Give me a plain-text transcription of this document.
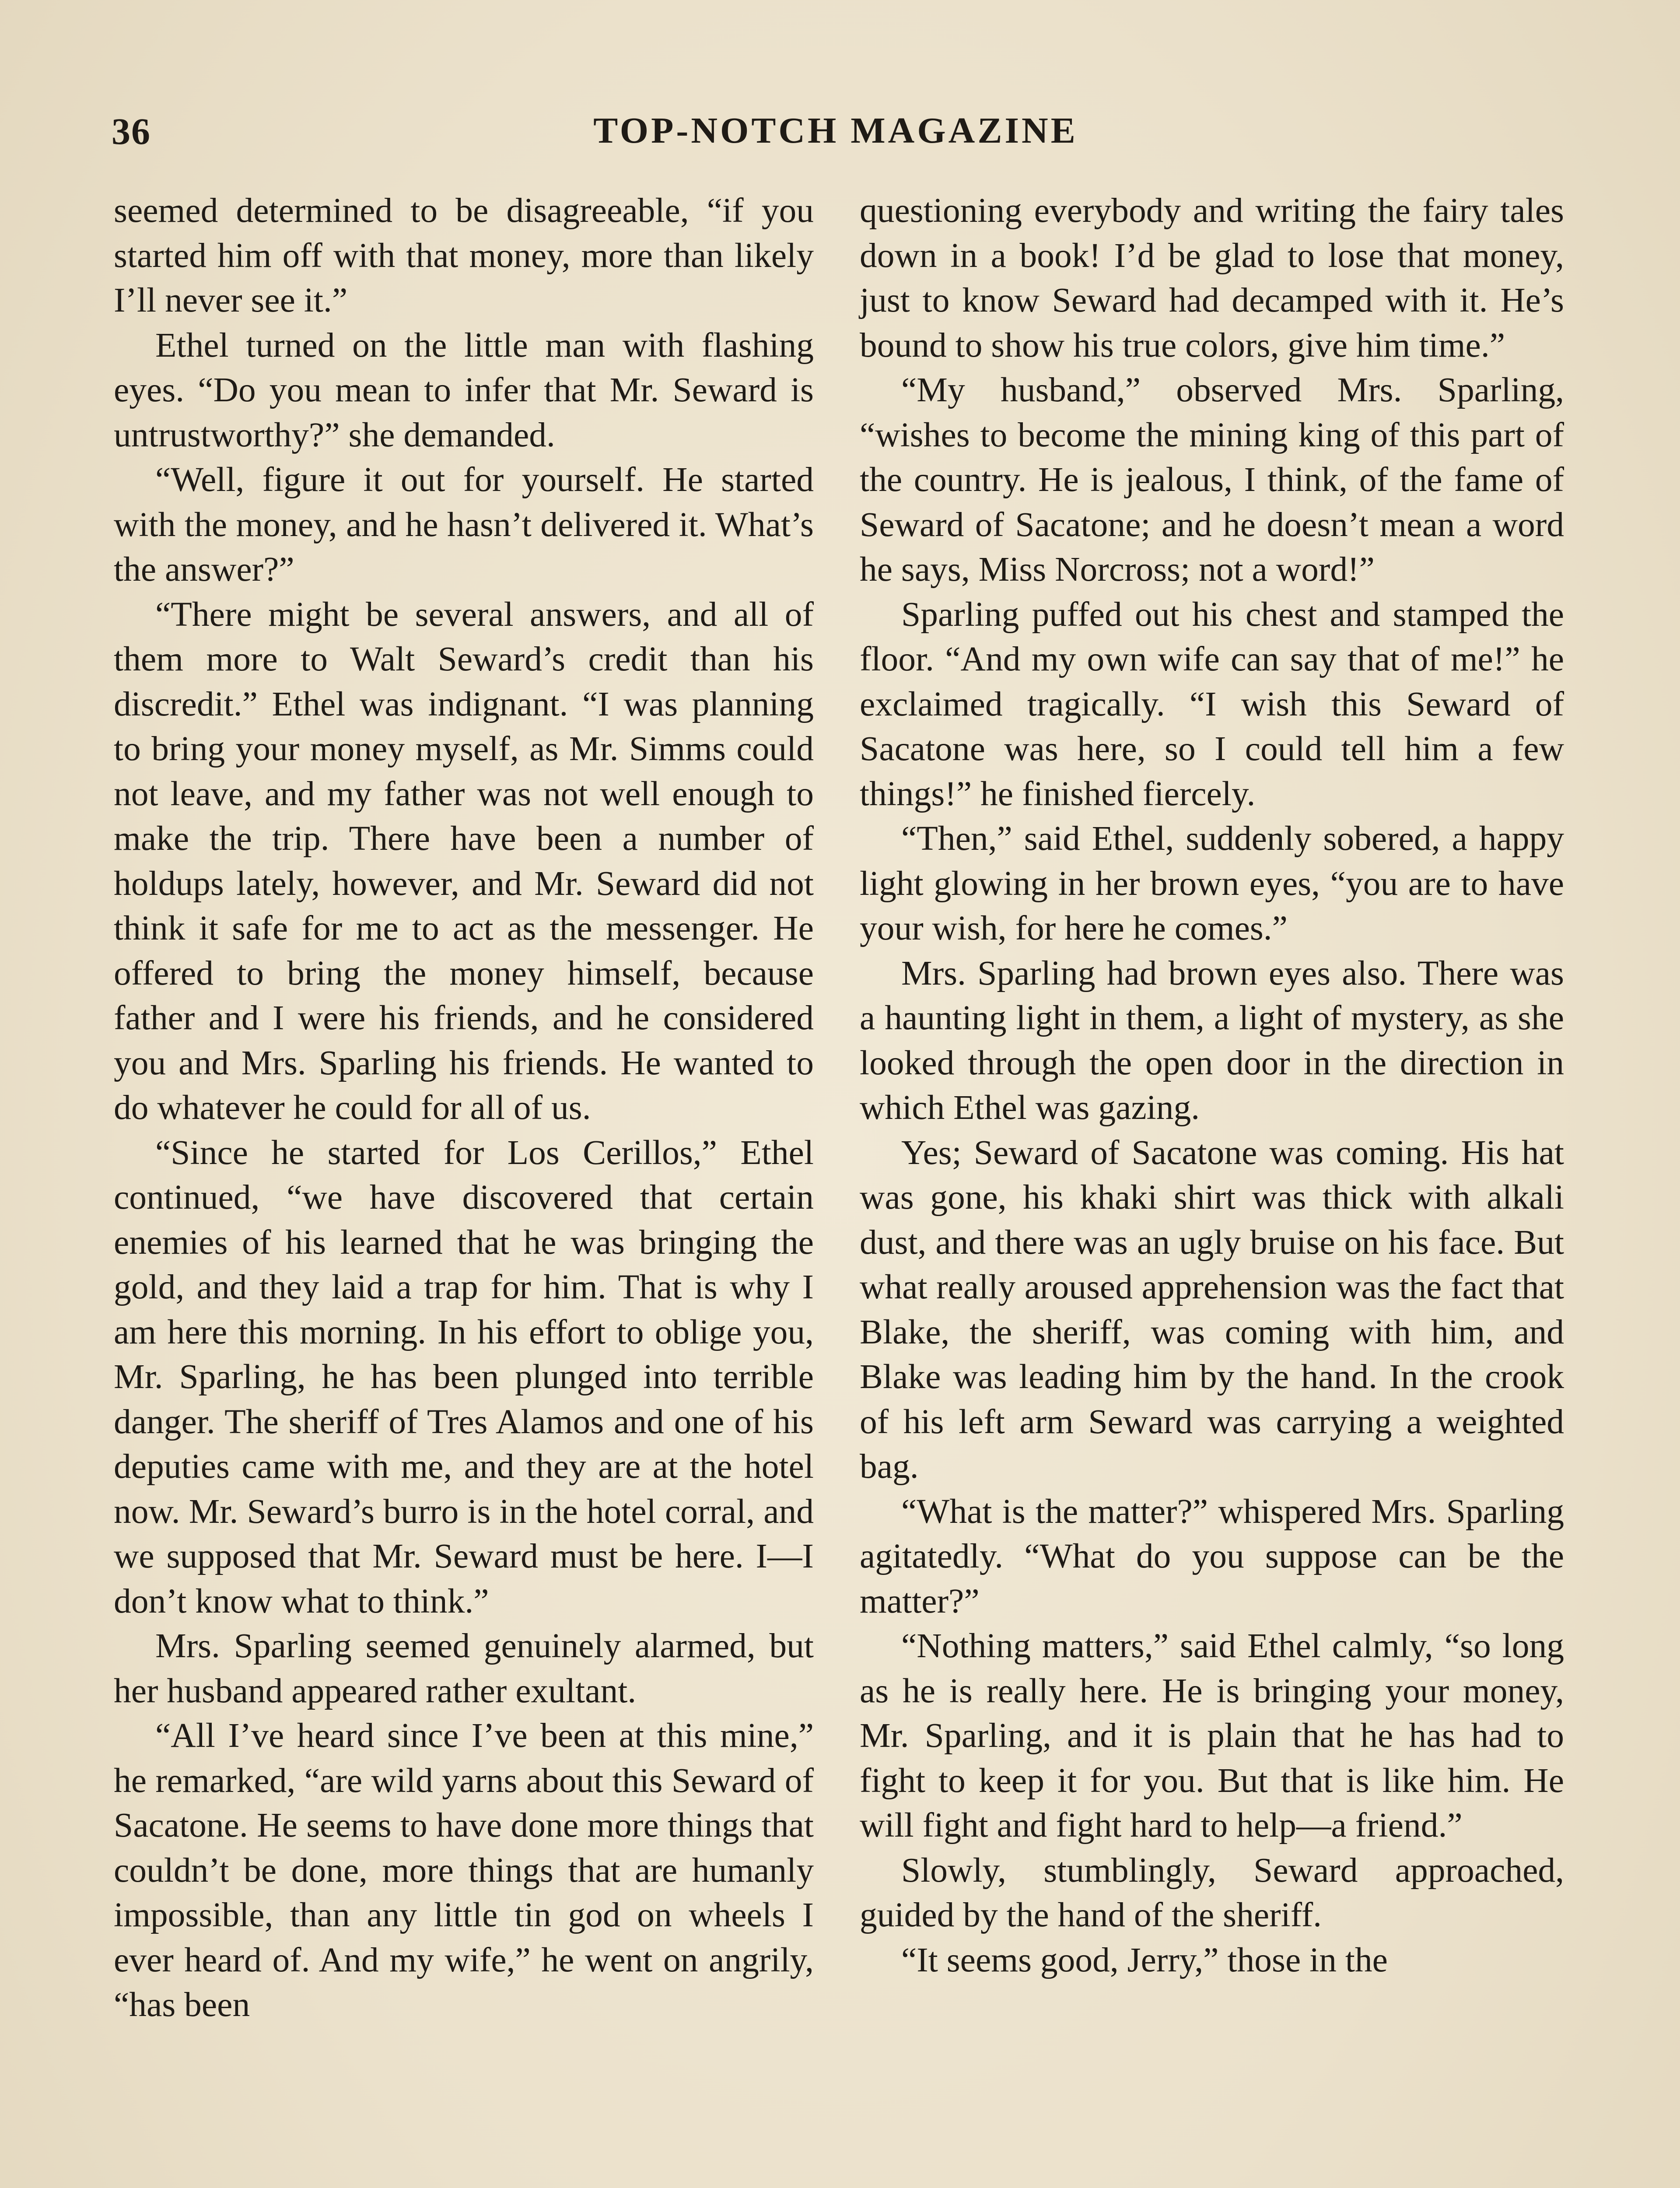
36	TOP-NOTCH MAGAZINE

seemed determined to be disagreeable, “if you started him off with that money, more than likely I’ll never see it.”

Ethel turned on the little man with flashing eyes. “Do you mean to infer that Mr. Seward is untrustworthy?” she demanded.

“Well, figure it out for yourself. He started with the money, and he hasn’t delivered it. What’s the answer?”

“There might be several answers, and all of them more to Walt Seward’s credit than his discredit.” Ethel was indignant. “I was planning to bring your money myself, as Mr. Simms could not leave, and my father was not well enough to make the trip. There have been a number of holdups lately, however, and Mr. Seward did not think it safe for me to act as the messenger. He offered to bring the money himself, because father and I were his friends, and he considered you and Mrs. Sparling his friends. He wanted to do whatever he could for all of us.

“Since he started for Los Cerillos,” Ethel continued, “we have discovered that certain enemies of his learned that he was bringing the gold, and they laid a trap for him. That is why I am here this morning. In his effort to oblige you, Mr. Sparling, he has been plunged into terrible danger. The sheriff of Tres Alamos and one of his deputies came with me, and they are at the hotel now. Mr. Seward’s burro is in the hotel corral, and we supposed that Mr. Seward must be here. I—I don’t know what to think.”

Mrs. Sparling seemed genuinely alarmed, but her husband appeared rather exultant.

“All I’ve heard since I’ve been at this mine,” he remarked, “are wild yarns about this Seward of Sacatone. He seems to have done more things that couldn’t be done, more things that are humanly impossible, than any little tin god on wheels I ever heard of. And my wife,” he went on angrily, “has been

questioning everybody and writing the fairy tales down in a book! I’d be glad to lose that money, just to know Seward had decamped with it. He’s bound to show his true colors, give him time.”

“My husband,” observed Mrs. Sparling, “wishes to become the mining king of this part of the country. He is jealous, I think, of the fame of Seward of Sacatone; and he doesn’t mean a word he says, Miss Norcross; not a word!”

Sparling puffed out his chest and stamped the floor. “And my own wife can say that of me!” he exclaimed tragically. “I wish this Seward of Sacatone was here, so I could tell him a few things!” he finished fiercely.

“Then,” said Ethel, suddenly sobered, a happy light glowing in her brown eyes, “you are to have your wish, for here he comes.”

Mrs. Sparling had brown eyes also. There was a haunting light in them, a light of mystery, as she looked through the open door in the direction in which Ethel was gazing.

Yes; Seward of Sacatone was coming. His hat was gone, his khaki shirt was thick with alkali dust, and there was an ugly bruise on his face. But what really aroused apprehension was the fact that Blake, the sheriff, was coming with him, and Blake was leading him by the hand. In the crook of his left arm Seward was carrying a weighted bag.

“What is the matter?” whispered Mrs. Sparling agitatedly. “What do you suppose can be the matter?”

“Nothing matters,” said Ethel calmly, “so long as he is really here. He is bringing your money, Mr. Sparling, and it is plain that he has had to fight to keep it for you. But that is like him. He will fight and fight hard to help—a friend.”

Slowly, stumblingly, Seward approached, guided by the hand of the sheriff.

“It seems good, Jerry,” those in the
